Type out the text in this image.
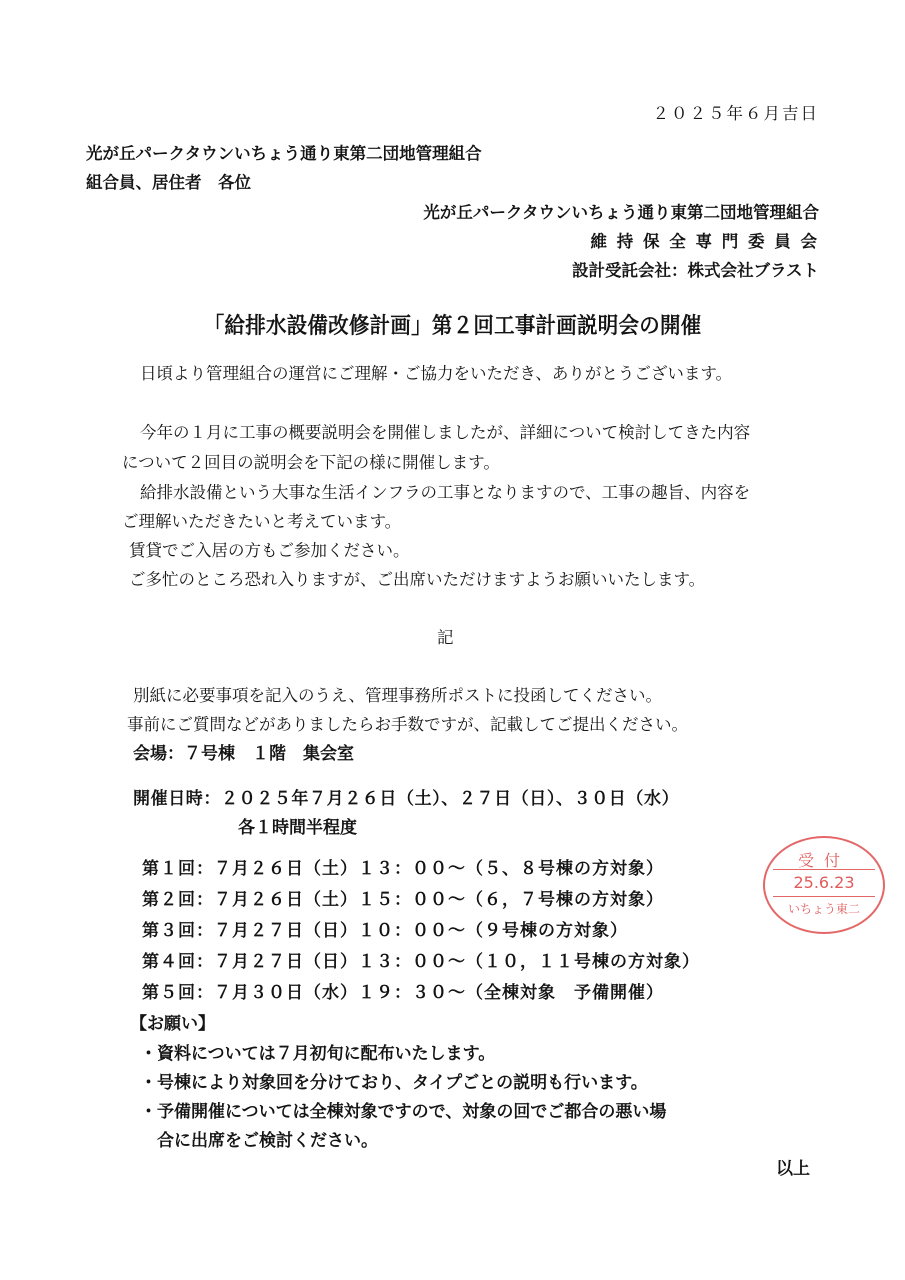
２０２５年６月吉日
光が丘パークタウンいちょう通り東第二団地管理組合
組合員、居住者　各位
光が丘パークタウンいちょう通り東第二団地管理組合
維 持 保 全 専 門 委 員 会
設計受託会社：株式会社ブラスト
「給排水設備改修計画」第２回工事計画説明会の開催
日頃より管理組合の運営にご理解・ご協力をいただき、ありがとうございます。
今年の１月に工事の概要説明会を開催しましたが、詳細について検討してきた内容
について２回目の説明会を下記の様に開催します。
給排水設備という大事な生活インフラの工事となりますので、工事の趣旨、内容を
ご理解いただきたいと考えています。
賃貸でご入居の方もご参加ください。
ご多忙のところ恐れ入りますが、ご出席いただけますようお願いいたします。
記
別紙に必要事項を記入のうえ、管理事務所ポストに投函してください。
事前にご質問などがありましたらお手数ですが、記載してご提出ください。
会場：７号棟　１階　集会室
開催日時：２０２５年７月２６日（土）、２７日（日）、３０日（水）
各１時間半程度
第１回：７月２６日（土）１３：００～（５、８号棟の方対象）
第２回：７月２６日（土）１５：００～（６，７号棟の方対象）
第３回：７月２７日（日）１０：００～（９号棟の方対象）
第４回：７月２７日（日）１３：００～（１０，１１号棟の方対象）
第５回：７月３０日（水）１９：３０～（全棟対象　予備開催）
【お願い】
・資料については７月初旬に配布いたします。
・号棟により対象回を分けており、タイプごとの説明も行います。
・予備開催については全棟対象ですので、対象の回でご都合の悪い場
　合に出席をご検討ください。
以上
受付
25.6.23
いちょう東二
